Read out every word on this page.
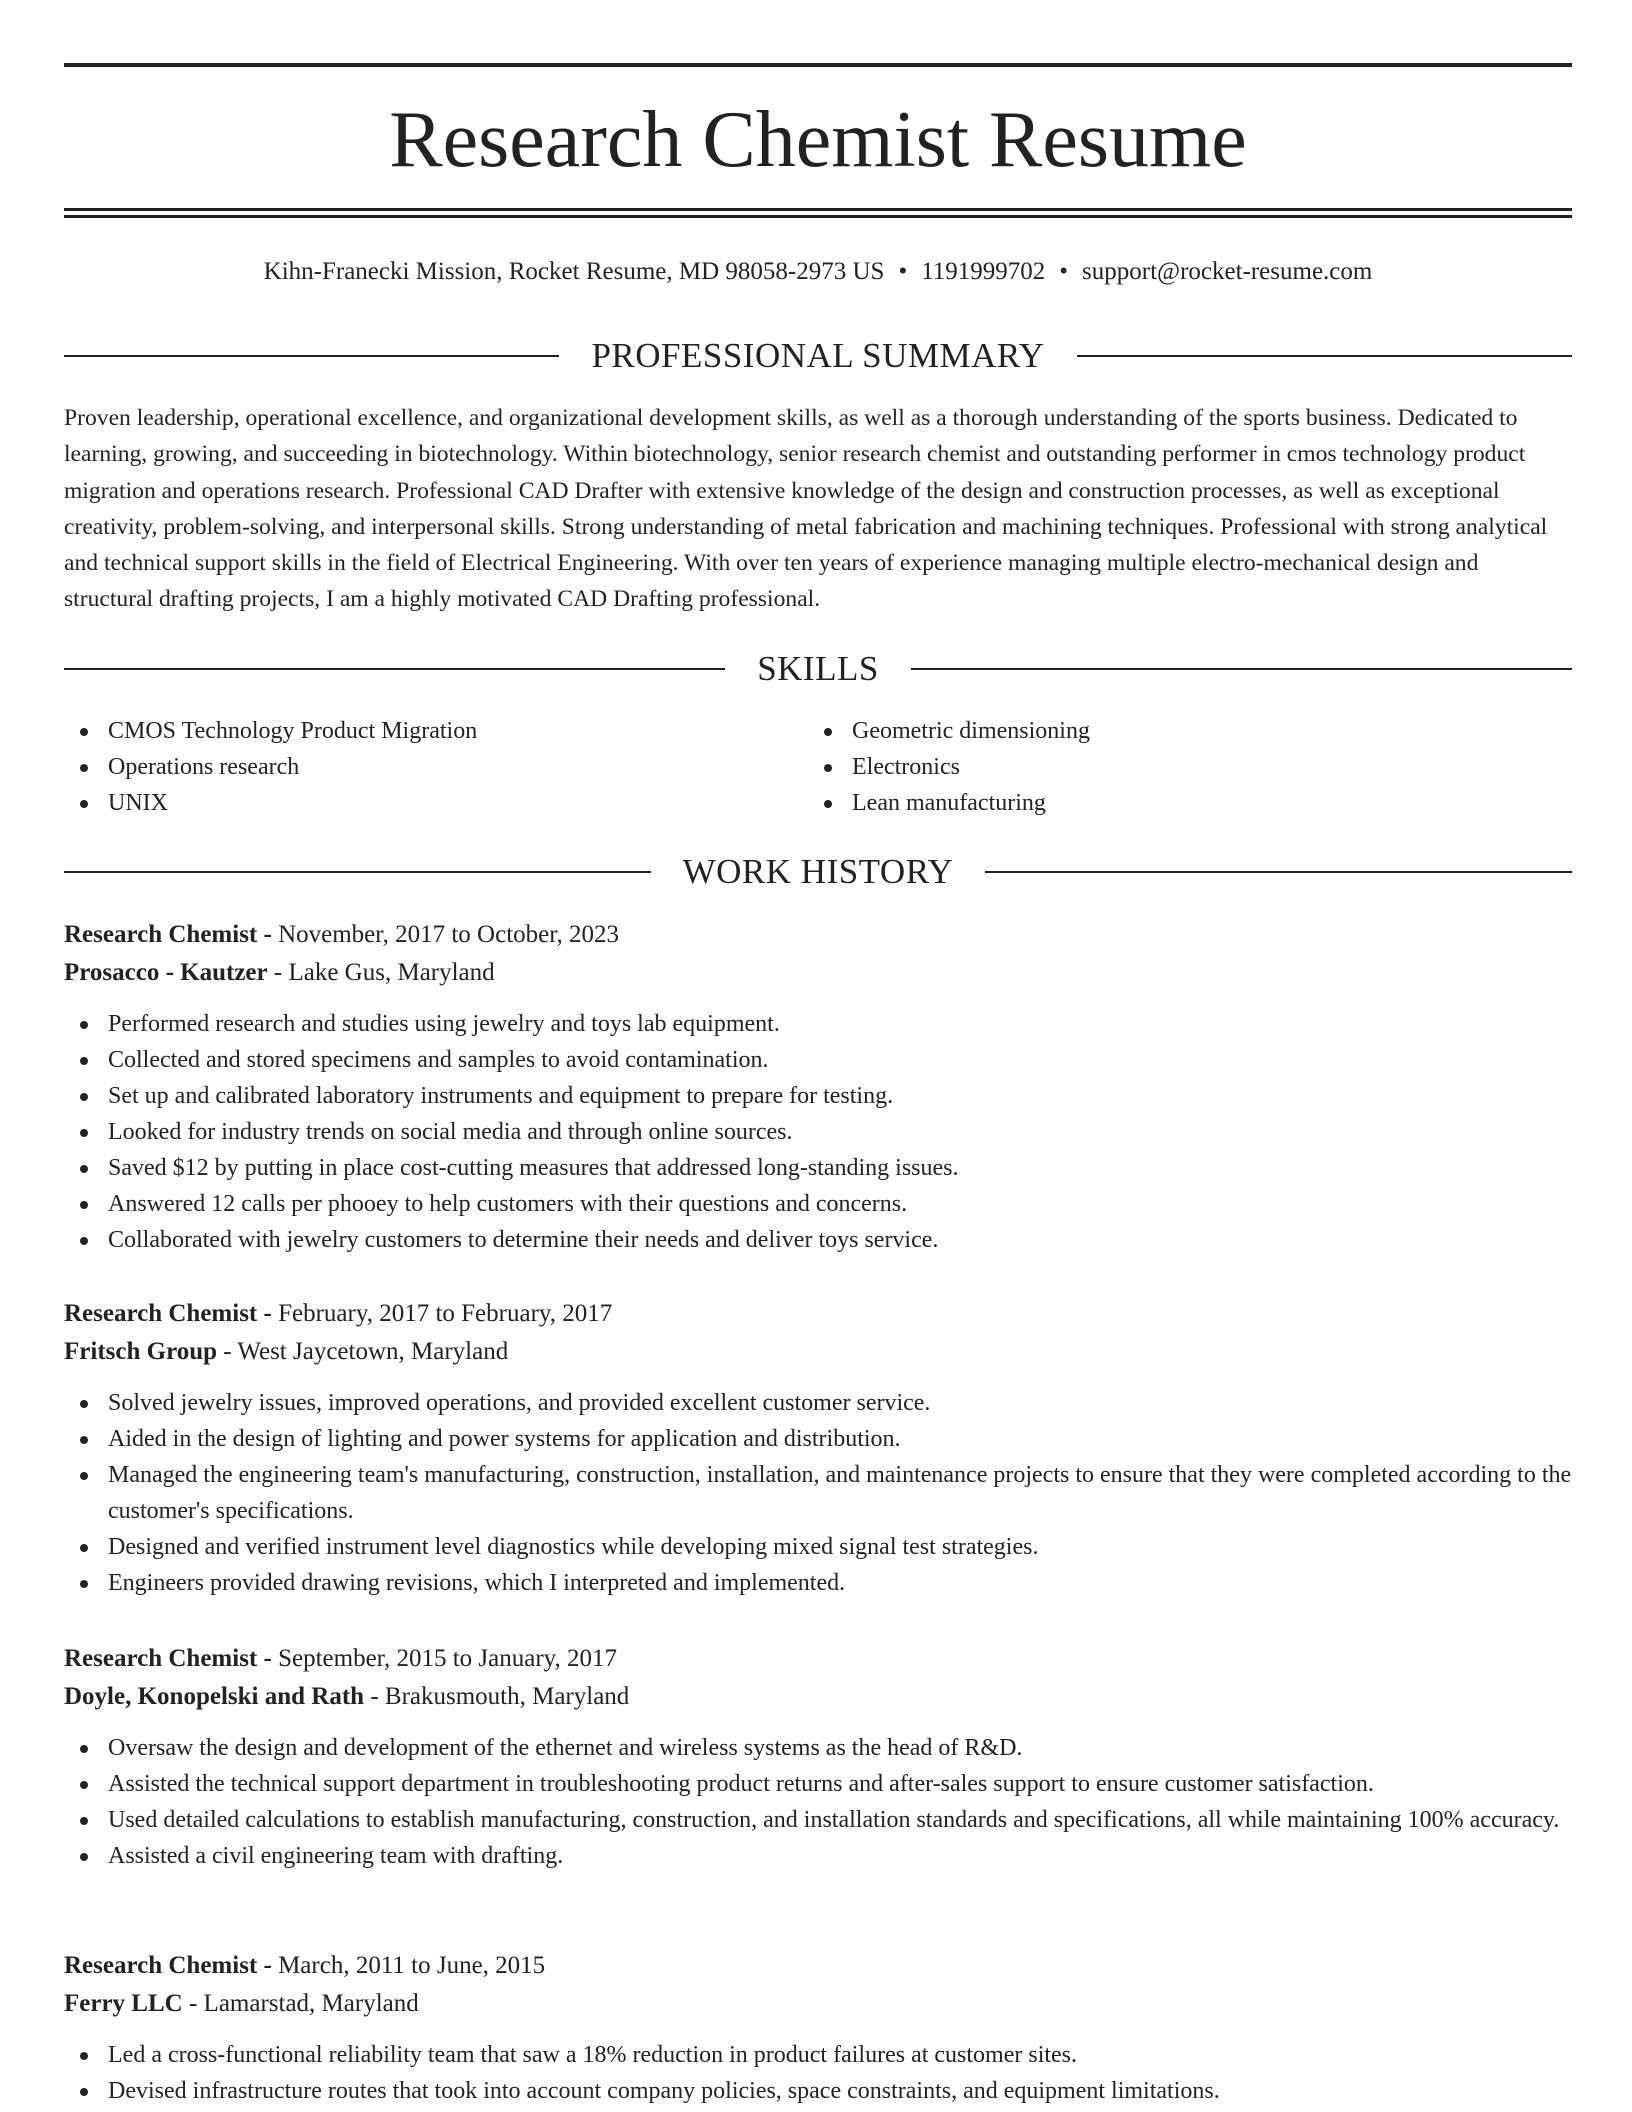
Research Chemist Resume
Kihn-Franecki Mission, Rocket Resume, MD 98058-2973 US • 1191999702 • support@rocket-resume.com
PROFESSIONAL SUMMARY

Proven leadership, operational excellence, and organizational development skills, as well as a thorough understanding of the sports business. Dedicated to learning, growing, and succeeding in biotechnology. Within biotechnology, senior research chemist and outstanding performer in cmos technology product migration and operations research. Professional CAD Drafter with extensive knowledge of the design and construction processes, as well as exceptional creativity, problem-solving, and interpersonal skills. Strong understanding of metal fabrication and machining techniques. Professional with strong analytical and technical support skills in the field of Electrical Engineering. With over ten years of experience managing multiple electro-mechanical design and structural drafting projects, I am a highly motivated CAD Drafting professional.

SKILLS
CMOS Technology Product Migration
Operations research
UNIX
Geometric dimensioning
Electronics
Lean manufacturing
WORK HISTORY

Research Chemist - November, 2017 to October, 2023

Prosacco - Kautzer - Lake Gus, Maryland

Performed research and studies using jewelry and toys lab equipment.
Collected and stored specimens and samples to avoid contamination.
Set up and calibrated laboratory instruments and equipment to prepare for testing.
Looked for industry trends on social media and through online sources.
Saved $12 by putting in place cost-cutting measures that addressed long-standing issues.
Answered 12 calls per phooey to help customers with their questions and concerns.
Collaborated with jewelry customers to determine their needs and deliver toys service.

Research Chemist - February, 2017 to February, 2017

Fritsch Group - West Jaycetown, Maryland

Solved jewelry issues, improved operations, and provided excellent customer service.
Aided in the design of lighting and power systems for application and distribution.
Managed the engineering team's manufacturing, construction, installation, and maintenance projects to ensure that they were completed according to the customer's specifications.
Designed and verified instrument level diagnostics while developing mixed signal test strategies.
Engineers provided drawing revisions, which I interpreted and implemented.

Research Chemist - September, 2015 to January, 2017

Doyle, Konopelski and Rath - Brakusmouth, Maryland

Oversaw the design and development of the ethernet and wireless systems as the head of R&D.
Assisted the technical support department in troubleshooting product returns and after-sales support to ensure customer satisfaction.
Used detailed calculations to establish manufacturing, construction, and installation standards and specifications, all while maintaining 100% accuracy.
Assisted a civil engineering team with drafting.

Research Chemist - March, 2011 to June, 2015

Ferry LLC - Lamarstad, Maryland

Led a cross-functional reliability team that saw a 18% reduction in product failures at customer sites.
Devised infrastructure routes that took into account company policies, space constraints, and equipment limitations.
